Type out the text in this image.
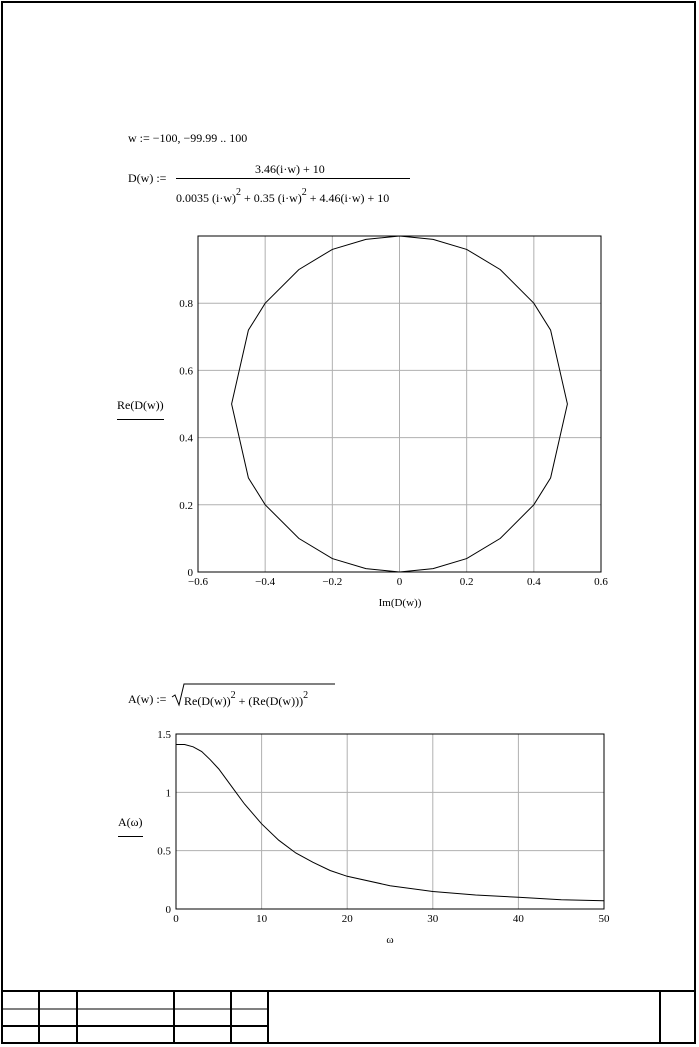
w := −100, −99.99 .. 100
D(w) :=
3.46(i·w) + 10
0.0035 $(i\cdot w)^2 + 0.35$ $(i\cdot w)^2 + 4.46(i\cdot w) + 10$
−0.6	−0.4	−0.2	0	0.2	0.4	0.6
0
0.2
0.4
0.6
0.8
Im(D(w))
Re(D(w))
A(w) := $Re(D(w))^2 + (Re(D(w)))^2$
0	10	20	30	40	50
0
0.5
1
1.5
ω
A(ω)
